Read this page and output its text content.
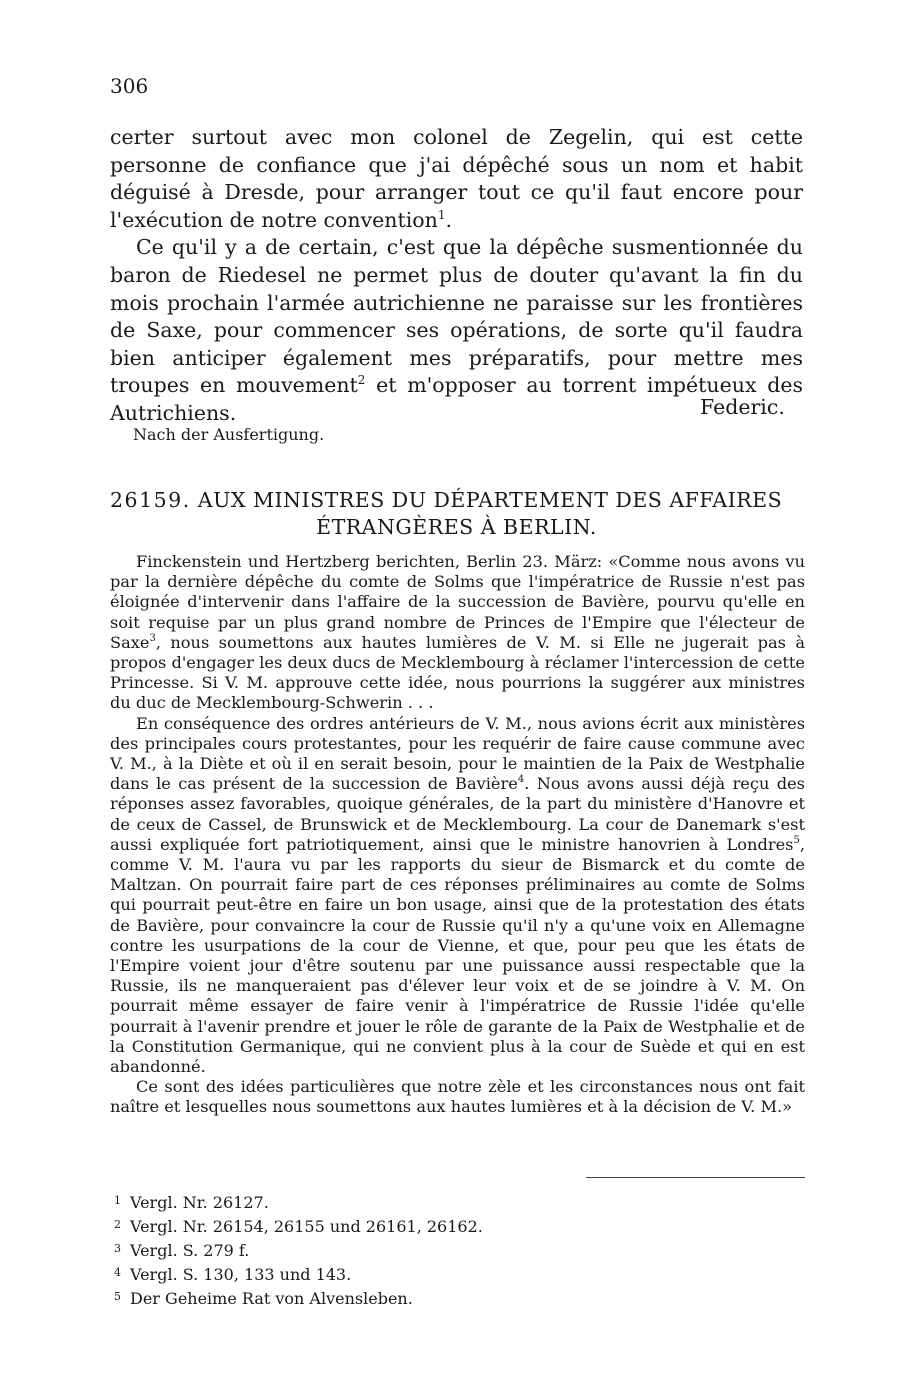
306

certer surtout avec mon colonel de Zegelin, qui est cette personne de confiance que j'ai dépêché sous un nom et habit déguisé à Dresde, pour arranger tout ce qu'il faut encore pour l'exécution de notre convention$^1$.

Ce qu'il y a de certain, c'est que la dépêche susmentionnée du baron de Riedesel ne permet plus de douter qu'avant la fin du mois prochain l'armée autrichienne ne paraisse sur les frontières de Saxe, pour commencer ses opérations, de sorte qu'il faudra bien anticiper également mes préparatifs, pour mettre mes troupes en mouvement$^2$ et m'opposer au torrent impétueux des Autrichiens.	Federic.
Nach der Ausfertigung.
26159. AUX MINISTRES DU DÉPARTEMENT DES AFFAIRES
ÉTRANGÈRES À BERLIN.

Finckenstein und Hertzberg berichten, Berlin 23. März: «Comme nous avons vu par la dernière dépêche du comte de Solms que l'impératrice de Russie n'est pas éloignée d'intervenir dans l'affaire de la succession de Bavière, pourvu qu'elle en soit requise par un plus grand nombre de Princes de l'Empire que l'électeur de Saxe$^3$, nous soumettons aux hautes lumières de V. M. si Elle ne jugerait pas à propos d'engager les deux ducs de Mecklembourg à réclamer l'intercession de cette Princesse. Si V. M. approuve cette idée, nous pourrions la suggérer aux ministres du duc de Mecklembourg-Schwerin . . .

En conséquence des ordres antérieurs de V. M., nous avions écrit aux ministères des principales cours protestantes, pour les requérir de faire cause commune avec V. M., à la Diète et où il en serait besoin, pour le maintien de la Paix de Westphalie dans le cas présent de la succession de Bavière$^4$. Nous avons aussi déjà reçu des réponses assez favorables, quoique générales, de la part du ministère d'Hanovre et de ceux de Cassel, de Brunswick et de Mecklembourg. La cour de Danemark s'est aussi expliquée fort patriotiquement, ainsi que le ministre hanovrien à Londres$^5$, comme V. M. l'aura vu par les rapports du sieur de Bismarck et du comte de Maltzan. On pourrait faire part de ces réponses préliminaires au comte de Solms qui pourrait peut-être en faire un bon usage, ainsi que de la protestation des états de Bavière, pour convaincre la cour de Russie qu'il n'y a qu'une voix en Allemagne contre les usurpations de la cour de Vienne, et que, pour peu que les états de l'Empire voient jour d'être soutenu par une puissance aussi respectable que la Russie, ils ne manqueraient pas d'élever leur voix et de se joindre à V. M. On pourrait même essayer de faire venir à l'impératrice de Russie l'idée qu'elle pourrait à l'avenir prendre et jouer le rôle de garante de la Paix de Westphalie et de la Constitution Germanique, qui ne convient plus à la cour de Suède et qui en est abandonné.

Ce sont des idées particulières que notre zèle et les circonstances nous ont fait naître et lesquelles nous soumettons aux hautes lumières et à la décision de V. M.»

1 Vergl. Nr. 26127.
2 Vergl. Nr. 26154, 26155 und 26161, 26162.
3 Vergl. S. 279 f.
4 Vergl. S. 130, 133 und 143.
5 Der Geheime Rat von Alvensleben.
